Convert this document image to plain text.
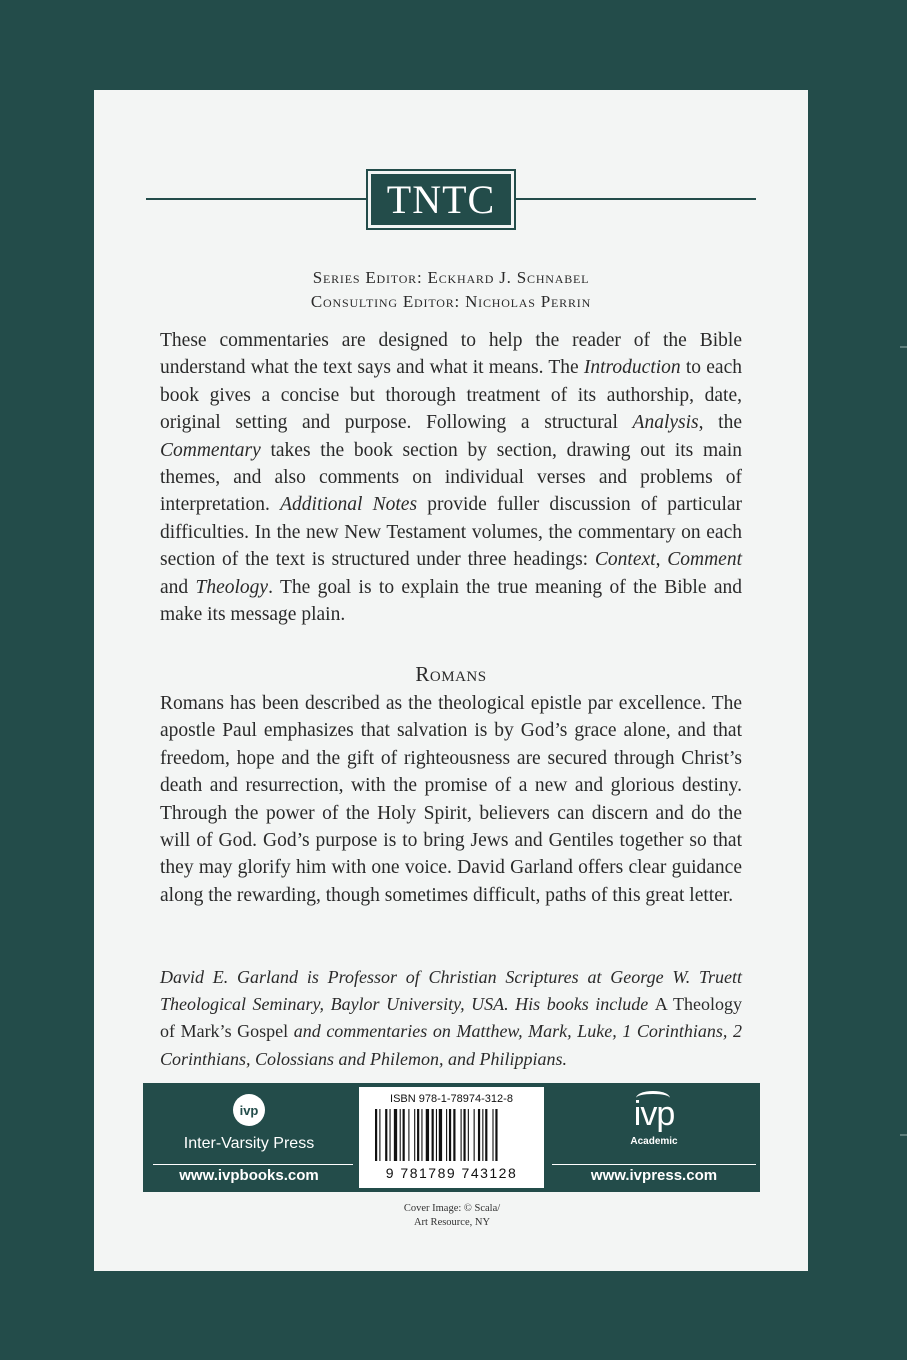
TNTC
Series Editor: Eckhard J. Schnabel
Consulting Editor: Nicholas Perrin
These commentaries are designed to help the reader of the Bible understand what the text says and what it means. The Introduction to each book gives a concise but thorough treatment of its authorship, date, original setting and purpose. Following a structural Analysis, the Commentary takes the book section by section, drawing out its main themes, and also comments on individual verses and problems of interpretation. Additional Notes provide fuller discussion of particular difficulties. In the new New Testament volumes, the commentary on each section of the text is structured under three headings: Context, Comment and Theology. The goal is to explain the true meaning of the Bible and make its message plain.
Romans
Romans has been described as the theological epistle par excellence. The apostle Paul emphasizes that salvation is by God’s grace alone, and that freedom, hope and the gift of righteousness are secured through Christ’s death and resurrection, with the promise of a new and glorious destiny. Through the power of the Holy Spirit, believers can discern and do the will of God. God’s purpose is to bring Jews and Gentiles together so that they may glorify him with one voice. David Garland offers clear guidance along the rewarding, though sometimes difficult, paths of this great letter.
David E. Garland is Professor of Christian Scriptures at George W. Truett Theological Seminary, Baylor University, USA. His books include A Theology of Mark’s Gospel and commentaries on Matthew, Mark, Luke, 1 Corinthians, 2 Corinthians, Colossians and Philemon, and Philippians.
ivp
Inter-Varsity Press
www.ivpbooks.com
ISBN 978-1-78974-312-8
9 781789 743128
ivp
Academic
www.ivpress.com
Cover Image: © Scala/
Art Resource, NY
